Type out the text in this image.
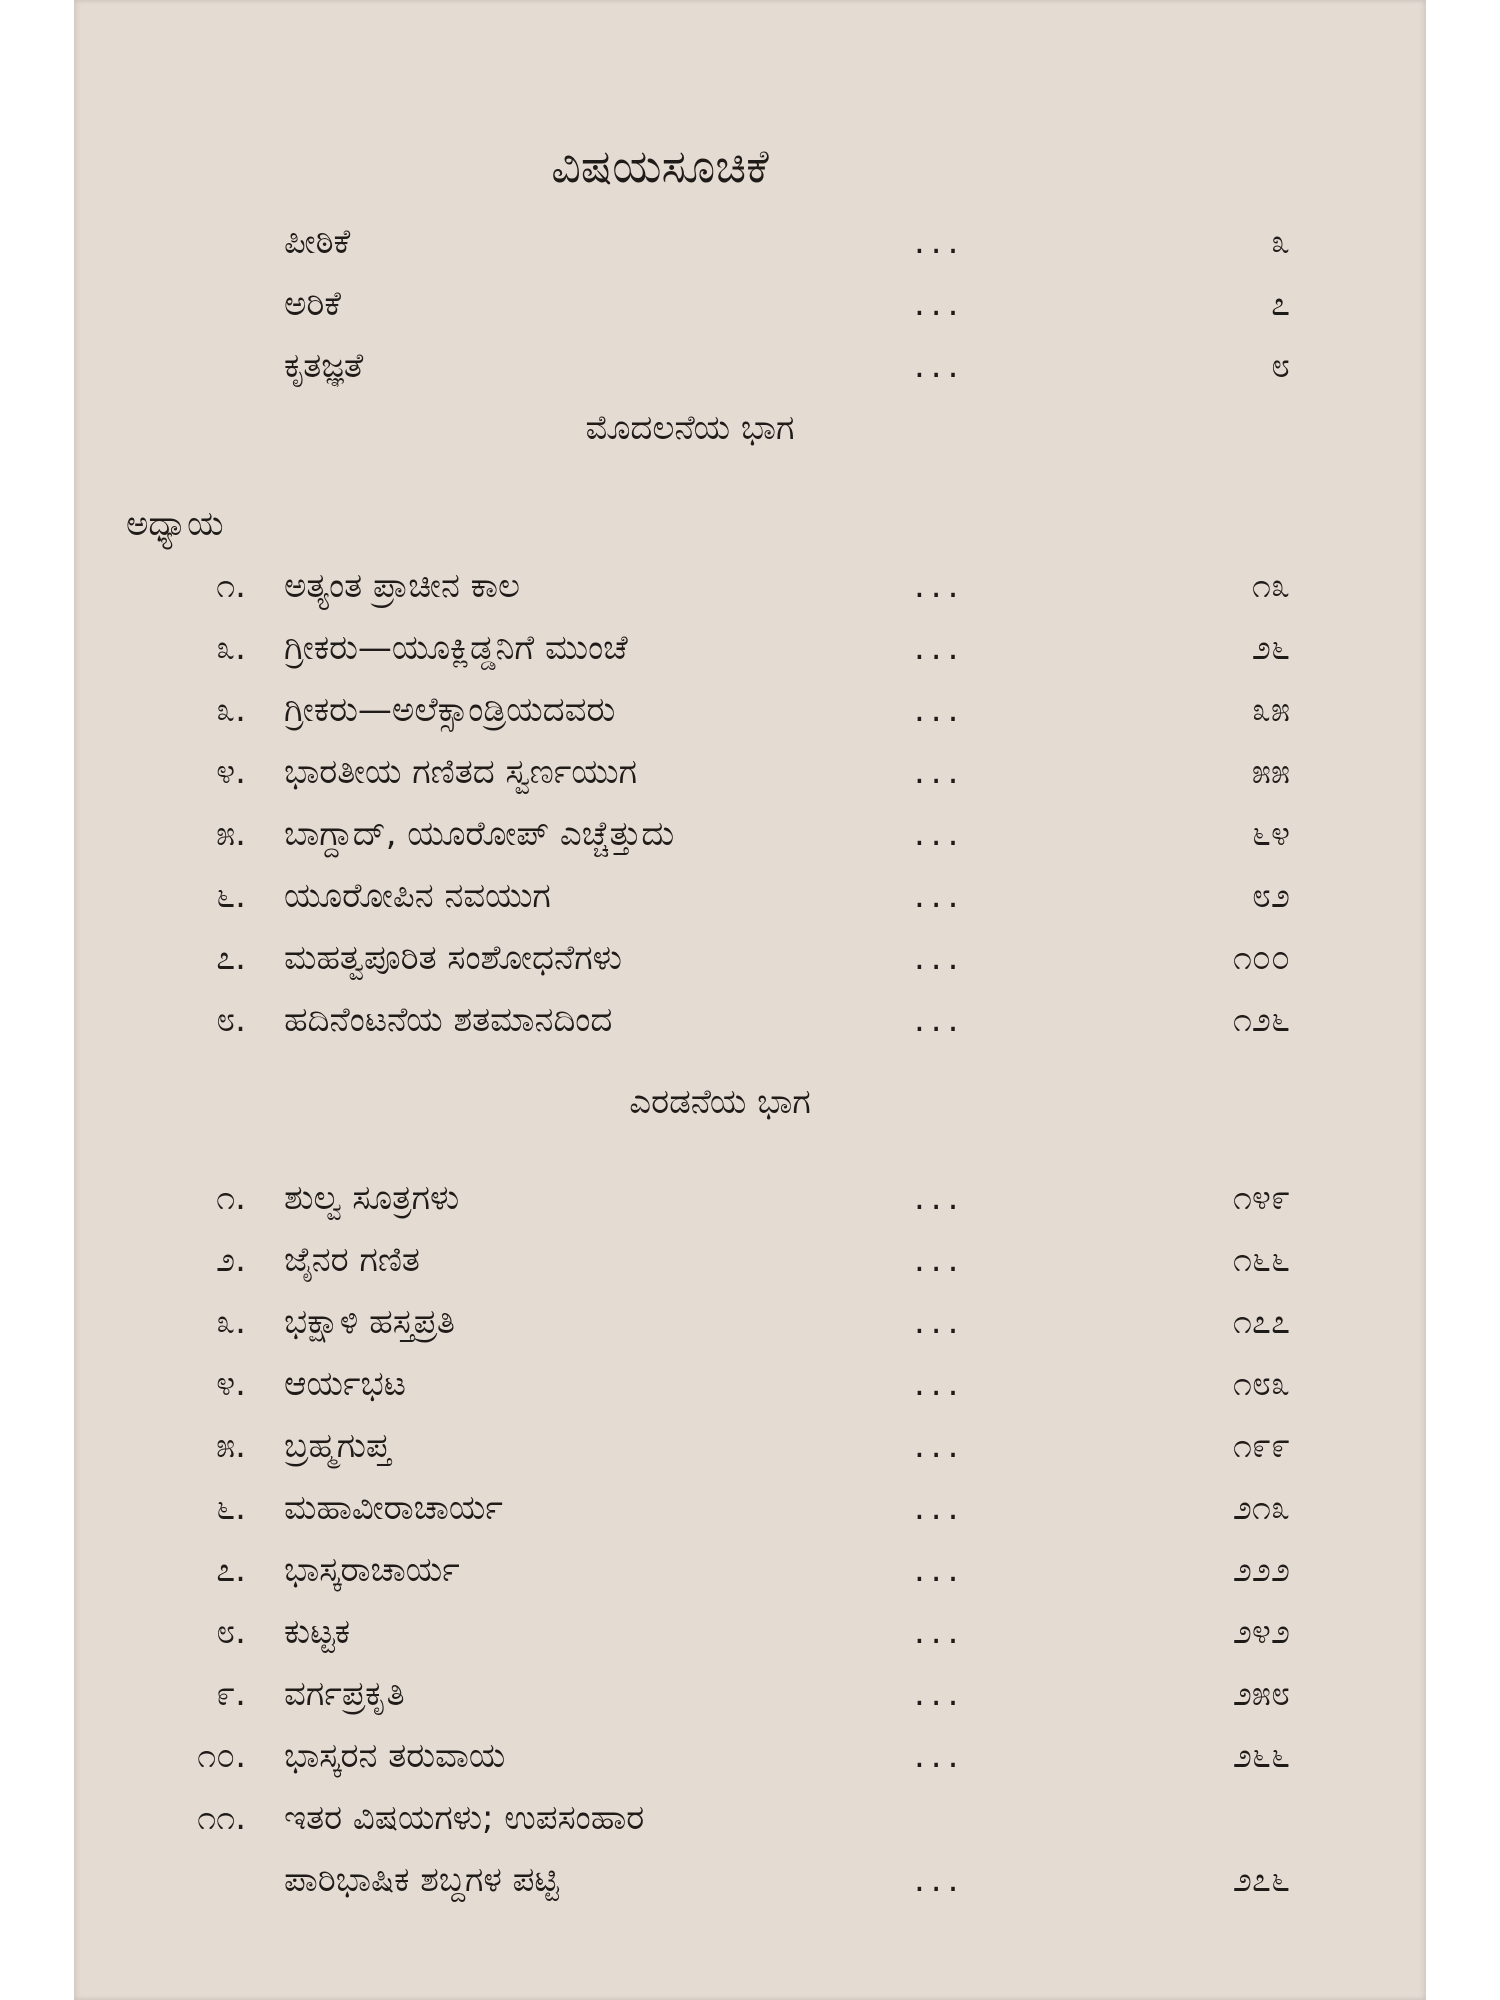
ವಿಷಯಸೂಚಿಕೆ
ಪೀಠಿಕೆ	...	೩
ಅರಿಕೆ	...	೭
ಕೃತಜ್ಞತೆ	...	೮
ಮೊದಲನೆಯ ಭಾಗ
ಅಧ್ಯಾಯ
೧. ಅತ್ಯಂತ ಪ್ರಾಚೀನ ಕಾಲ	...	೧೩
೩. ಗ್ರೀಕರು—ಯೂಕ್ಲಿಡ್ಡನಿಗೆ ಮುಂಚೆ	...	೨೬
೩. ಗ್ರೀಕರು—ಅಲೆಕ್ಸಾಂಡ್ರಿಯದವರು	...	೩೫
೪. ಭಾರತೀಯ ಗಣಿತದ ಸ್ವರ್ಣಯುಗ	...	೫೫
೫. ಬಾಗ್ದಾದ್, ಯೂರೋಪ್ ಎಚ್ಚೆತ್ತುದು	...	೬೪
೬. ಯೂರೋಪಿನ ನವಯುಗ	...	೮೨
೭. ಮಹತ್ವಪೂರಿತ ಸಂಶೋಧನೆಗಳು	...	೧೦೦
೮. ಹದಿನೆಂಟನೆಯ ಶತಮಾನದಿಂದ	...	೧೨೬
ಎರಡನೆಯ ಭಾಗ
೧. ಶುಲ್ವ ಸೂತ್ರಗಳು	...	೧೪೯
೨. ಜೈನರ ಗಣಿತ	...	೧೬೬
೩. ಭಕ್ಷಾಳಿ ಹಸ್ತಪ್ರತಿ	...	೧೭೭
೪. ಆರ್ಯಭಟ	...	೧೮೩
೫. ಬ್ರಹ್ಮಗುಪ್ತ	...	೧೯೯
೬. ಮಹಾವೀರಾಚಾರ್ಯ	...	೨೧೩
೭. ಭಾಸ್ಕರಾಚಾರ್ಯ	...	೨೨೨
೮. ಕುಟ್ಟಕ	...	೨೪೨
೯. ವರ್ಗಪ್ರಕೃತಿ	...	೨೫೮
೧೦. ಭಾಸ್ಕರನ ತರುವಾಯ	...	೨೬೬
೧೧. ಇತರ ವಿಷಯಗಳು; ಉಪಸಂಹಾರ
ಪಾರಿಭಾಷಿಕ ಶಬ್ದಗಳ ಪಟ್ಟಿ	...	೨೭೬
